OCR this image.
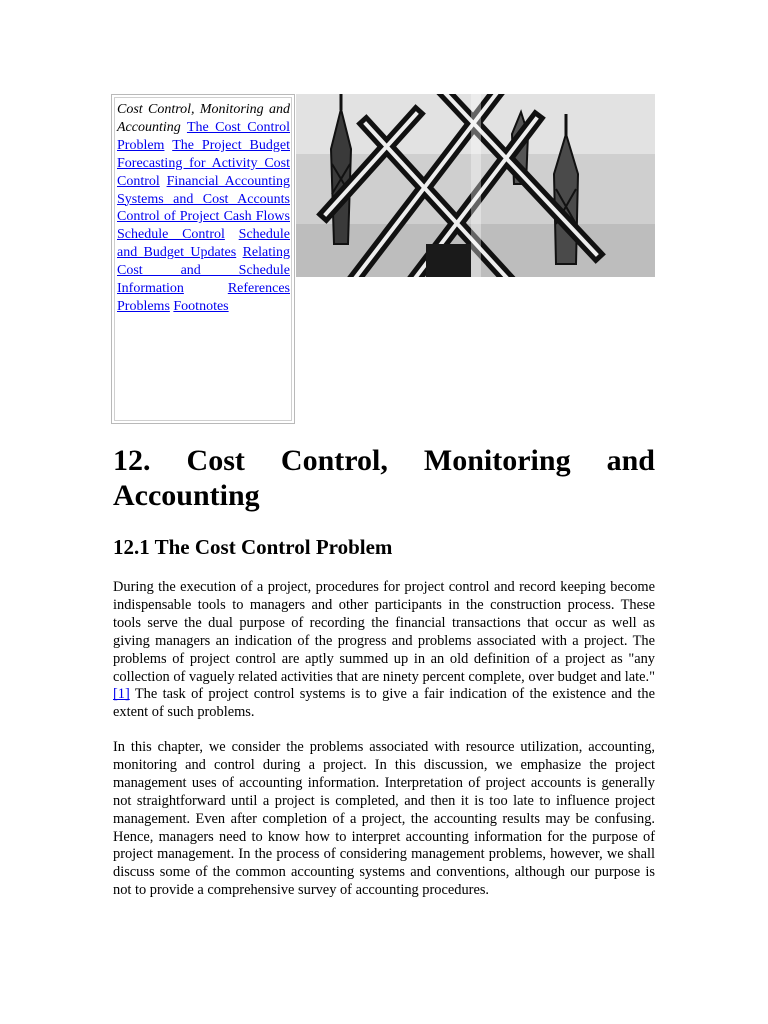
Cost Control, Monitoring and Accounting The Cost Control Problem The Project Budget Forecasting for Activity Cost Control Financial Accounting Systems and Cost Accounts Control of Project Cash Flows Schedule Control Schedule and Budget Updates Relating Cost and Schedule Information	References Problems Footnotes
12. Cost Control, Monitoring and Accounting
12.1 The Cost Control Problem

During the execution of a project, procedures for project control and record keeping become indispensable tools to managers and other participants in the construction process. These tools serve the dual purpose of recording the financial transactions that occur as well as giving managers an indication of the progress and problems associated with a project. The problems of project control are aptly summed up in an old definition of a project as "any collection of vaguely related activities that are ninety percent complete, over budget and late." [1] The task of project control systems is to give a fair indication of the existence and the extent of such problems.

In this chapter, we consider the problems associated with resource utilization, accounting, monitoring and control during a project. In this discussion, we emphasize the project management uses of accounting information. Interpretation of project accounts is generally not straightforward until a project is completed, and then it is too late to influence project management. Even after completion of a project, the accounting results may be confusing. Hence, managers need to know how to interpret accounting information for the purpose of project management. In the process of considering management problems, however, we shall discuss some of the common accounting systems and conventions, although our purpose is not to provide a comprehensive survey of accounting procedures.
